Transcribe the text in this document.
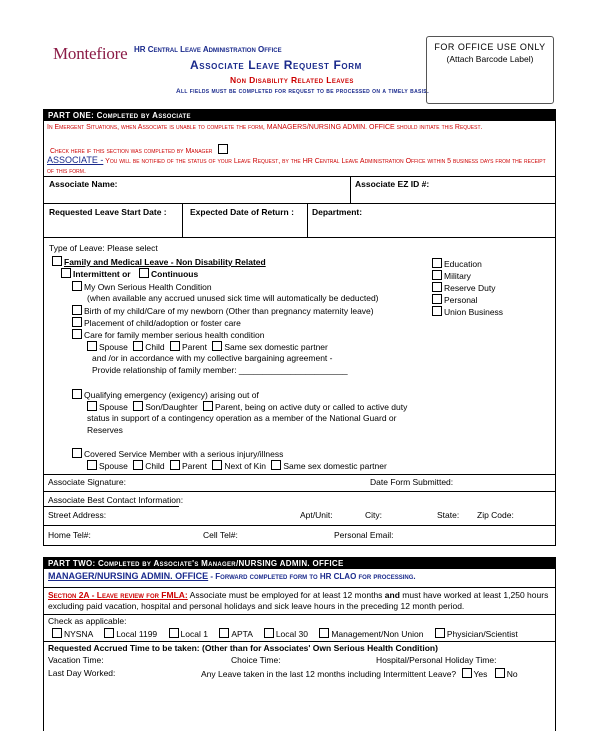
Montefiore HR Central Leave Administration Office
Associate Leave Request Form
Non Disability Related Leaves
All fields must be completed for request to be processed on a timely basis.
FOR OFFICE USE ONLY
(Attach Barcode Label)
PART ONE: Completed by Associate
In Emergent Situations, when Associate is unable to complete the form, MANAGERS/NURSING ADMIN. OFFICE should initiate this Request.
Check here if this section was completed by Manager
ASSOCIATE - You will be notified of the status of your Leave Request, by the HR Central Leave Administration Office within 5 business days from the receipt of this form.
Associate Name:	Associate EZ ID #:
Requested Leave Start Date :	Expected Date of Return : Department:
Type of Leave: Please select
Family and Medical Leave - Non Disability Related
Intermittent or Continuous
My Own Serious Health Condition
(when available any accrued unused sick time will automatically be deducted)
Birth of my child/Care of my newborn (Other than pregnancy maternity leave)
Placement of child/adoption or foster care
Care for family member serious health condition
Spouse Child Parent Same sex domestic partner
and /or in accordance with my collective bargaining agreement -
Provide relationship of family member: _______________________
Qualifying emergency (exigency) arising out of
Spouse Son/Daughter Parent, being on active duty or called to active duty
status in support of a contingency operation as a member of the National Guard or
Reserves
Covered Service Member with a serious injury/illness
Spouse Child Parent Next of Kin Same sex domestic partner
Education
Military
Reserve Duty
Personal
Union Business
Associate Signature:	Date Form Submitted:
Associate Best Contact Information:
Street Address:	Apt/Unit:	City:	State: Zip Code:
Home Tel#:	Cell Tel#:	Personal Email:
PART TWO: Completed by Associate's Manager/NURSING ADMIN. OFFICE
MANAGER/NURSING ADMIN. OFFICE - Forward completed form to HR CLAO for processing.
Section 2A - Leave review for FMLA: Associate must be employed for at least 12 months and must have worked at least 1,250 hours excluding paid vacation, hospital and personal holidays and sick leave hours in the preceding 12 month period.
Check as applicable:
NYSNA	Local 1199	Local 1	APTA	Local 30	Management/Non Union	Physician/Scientist
Requested Accrued Time to be taken: (Other than for Associates' Own Serious Health Condition)
Vacation Time:	Choice Time:	Hospital/Personal Holiday Time:
Last Day Worked:	Any Leave taken in the last 12 months including Intermittent Leave? Yes No
